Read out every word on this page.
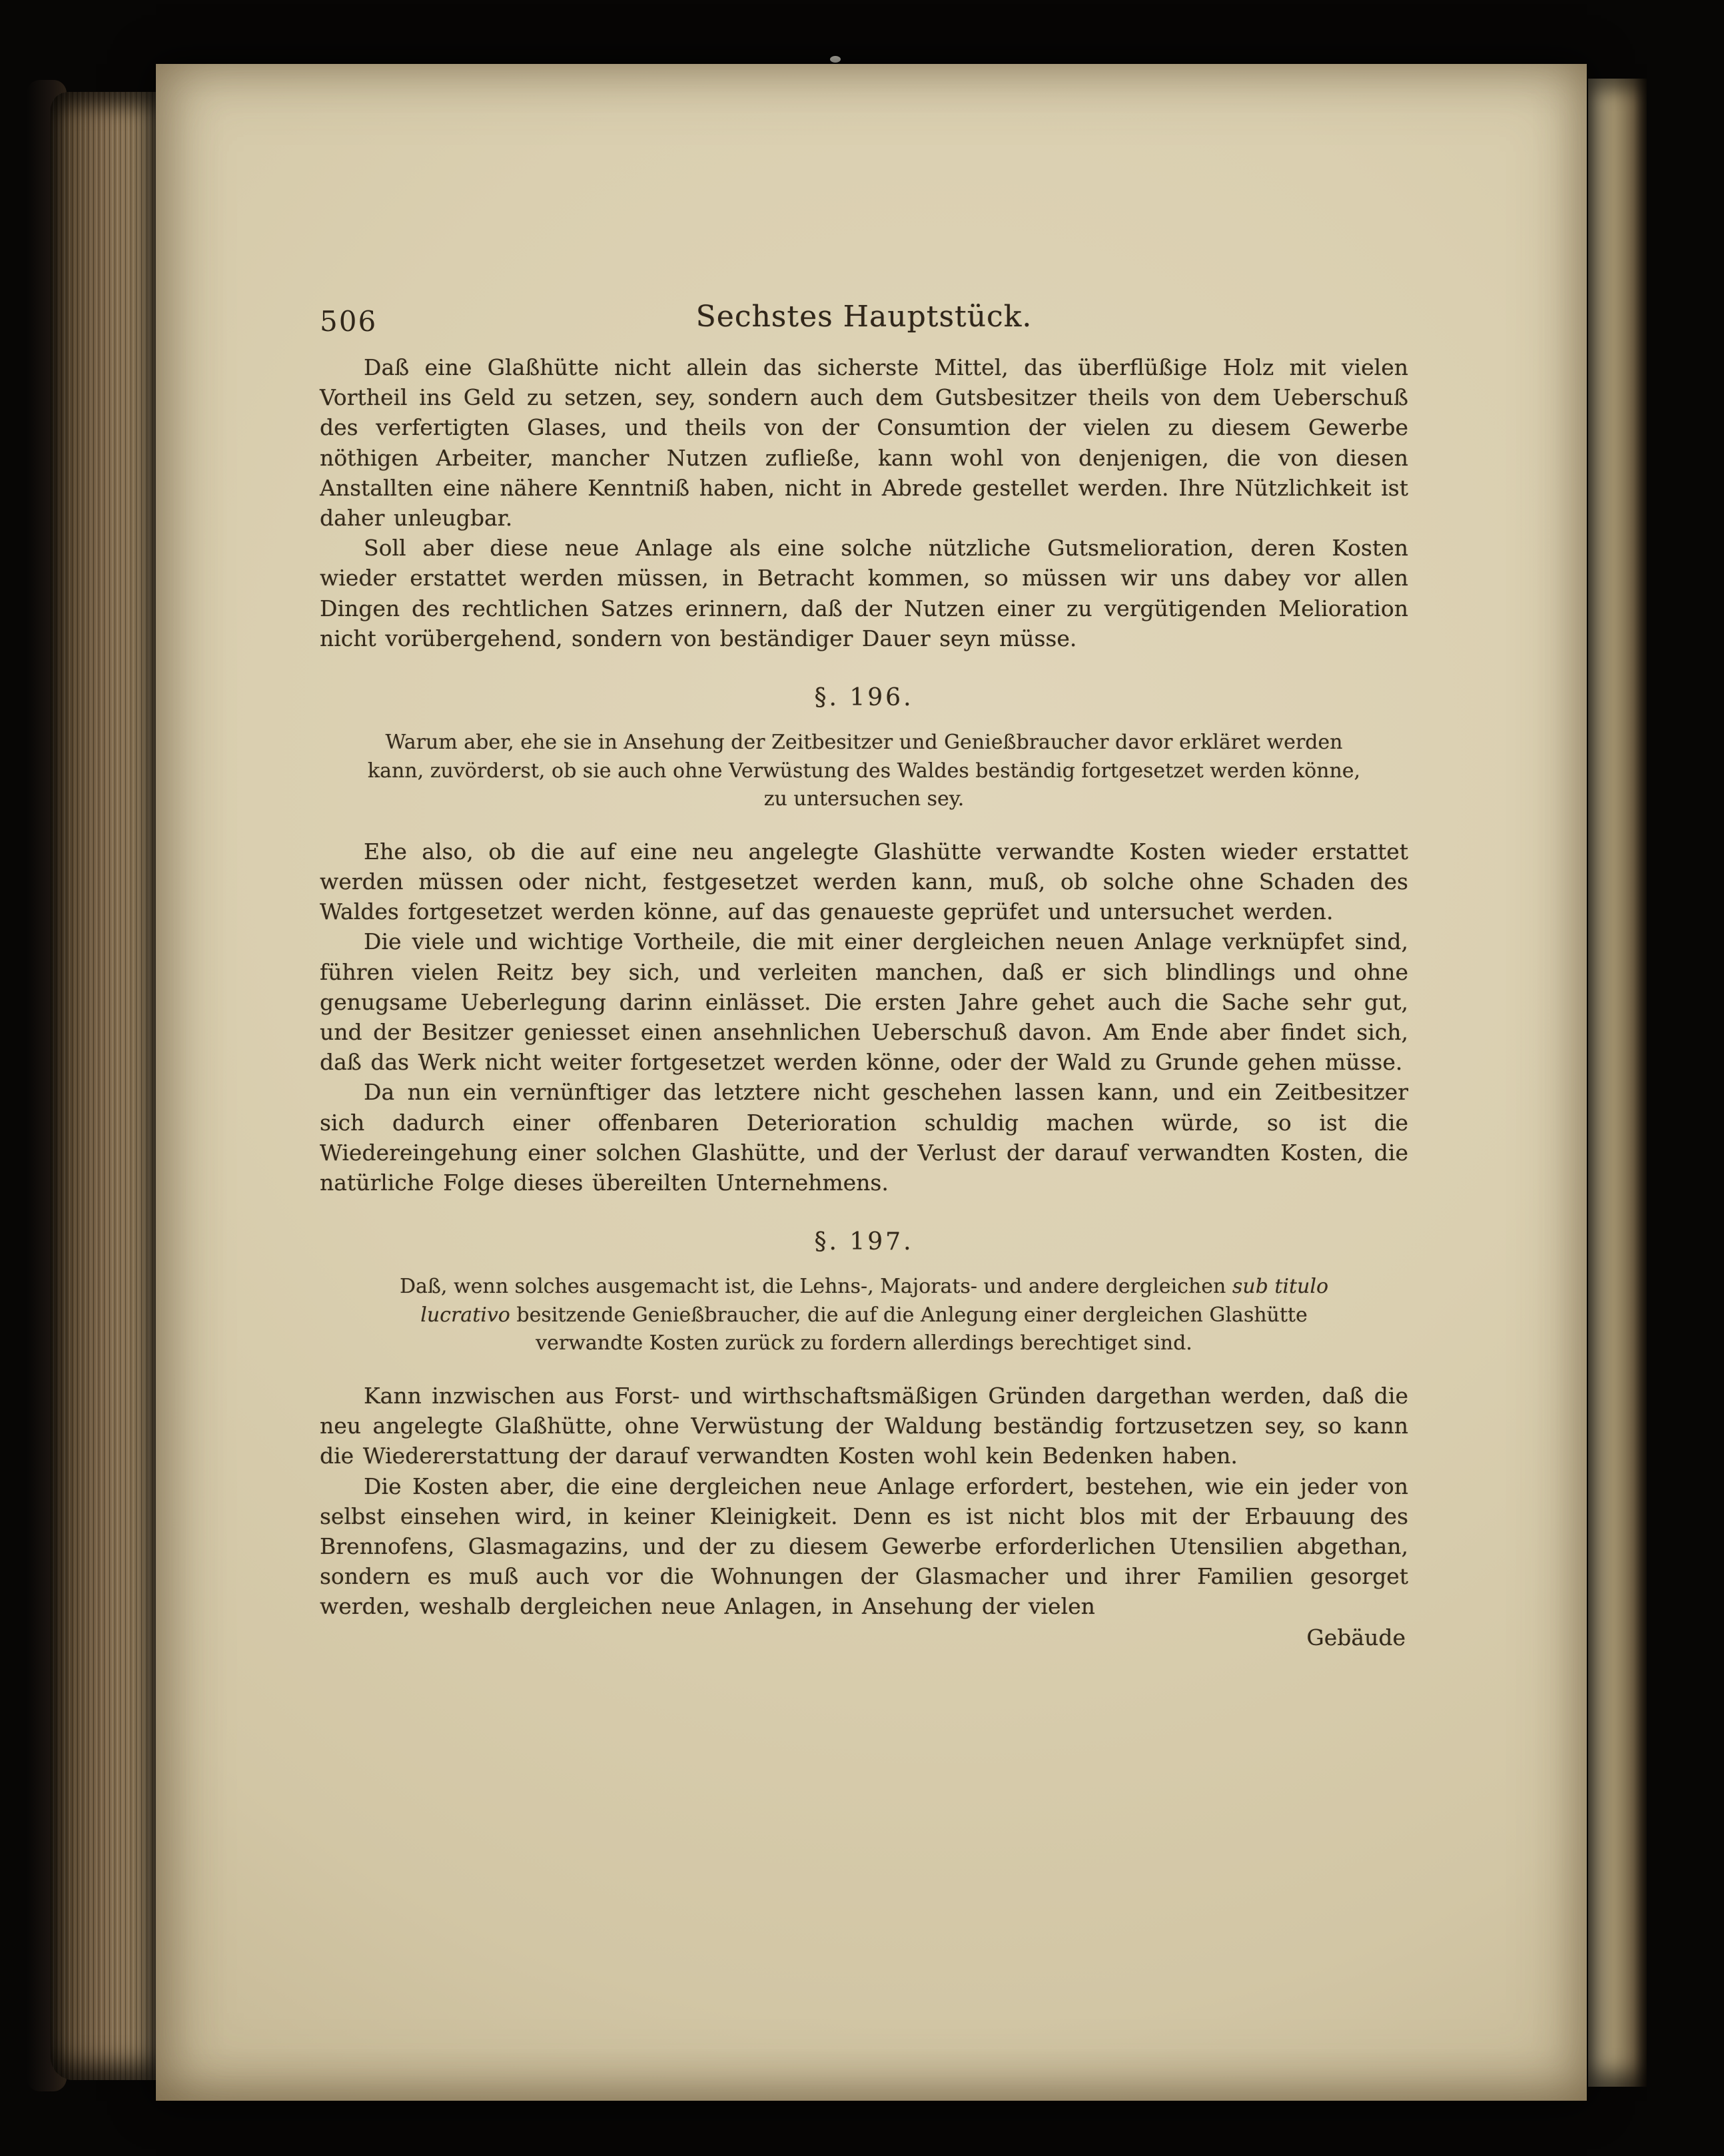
506	Sechstes Hauptstück.

Daß eine Glaßhütte nicht allein das sicherste Mittel, das überflüßige Holz mit vielen Vortheil ins Geld zu setzen, sey, sondern auch dem Gutsbesitzer theils von dem Ueberschuß des verfertigten Glases, und theils von der Consumtion der vielen zu diesem Gewerbe nöthigen Arbeiter, mancher Nutzen zufließe, kann wohl von denjenigen, die von diesen Anstallten eine nähere Kenntniß haben, nicht in Abrede gestellet werden. Ihre Nützlichkeit ist daher unleugbar.

Soll aber diese neue Anlage als eine solche nützliche Gutsmelioration, deren Kosten wieder erstattet werden müssen, in Betracht kommen, so müssen wir uns dabey vor allen Dingen des rechtlichen Satzes erinnern, daß der Nutzen einer zu vergütigenden Melioration nicht vorübergehend, sondern von beständiger Dauer seyn müsse.

§. 196.
Warum aber, ehe sie in Ansehung der Zeitbesitzer und Genießbraucher davor erkläret werden kann, zuvörderst, ob sie auch ohne Verwüstung des Waldes beständig fortgesetzet werden könne, zu untersuchen sey.

Ehe also, ob die auf eine neu angelegte Glashütte verwandte Kosten wieder erstattet werden müssen oder nicht, festgesetzet werden kann, muß, ob solche ohne Schaden des Waldes fortgesetzet werden könne, auf das genaueste geprüfet und untersuchet werden.

Die viele und wichtige Vortheile, die mit einer dergleichen neuen Anlage verknüpfet sind, führen vielen Reitz bey sich, und verleiten manchen, daß er sich blindlings und ohne genugsame Ueberlegung darinn einlässet. Die ersten Jahre gehet auch die Sache sehr gut, und der Besitzer geniesset einen ansehnlichen Ueberschuß davon. Am Ende aber findet sich, daß das Werk nicht weiter fortgesetzet werden könne, oder der Wald zu Grunde gehen müsse.

Da nun ein vernünftiger das letztere nicht geschehen lassen kann, und ein Zeitbesitzer sich dadurch einer offenbaren Deterioration schuldig machen würde, so ist die Wiedereingehung einer solchen Glashütte, und der Verlust der darauf verwandten Kosten, die natürliche Folge dieses übereilten Unternehmens.

§. 197.
Daß, wenn solches ausgemacht ist, die Lehns-, Majorats- und andere dergleichen sub titulo lucrativo besitzende Genießbraucher, die auf die Anlegung einer dergleichen Glashütte verwandte Kosten zurück zu fordern allerdings berechtiget sind.

Kann inzwischen aus Forst- und wirthschaftsmäßigen Gründen dargethan werden, daß die neu angelegte Glaßhütte, ohne Verwüstung der Waldung beständig fortzusetzen sey, so kann die Wiedererstattung der darauf verwandten Kosten wohl kein Bedenken haben.

Die Kosten aber, die eine dergleichen neue Anlage erfordert, bestehen, wie ein jeder von selbst einsehen wird, in keiner Kleinigkeit. Denn es ist nicht blos mit der Erbauung des Brennofens, Glasmagazins, und der zu diesem Gewerbe erforderlichen Utensilien abgethan, sondern es muß auch vor die Wohnungen der Glasmacher und ihrer Familien gesorget werden, weshalb dergleichen neue Anlagen, in Ansehung der vielen

Gebäude
